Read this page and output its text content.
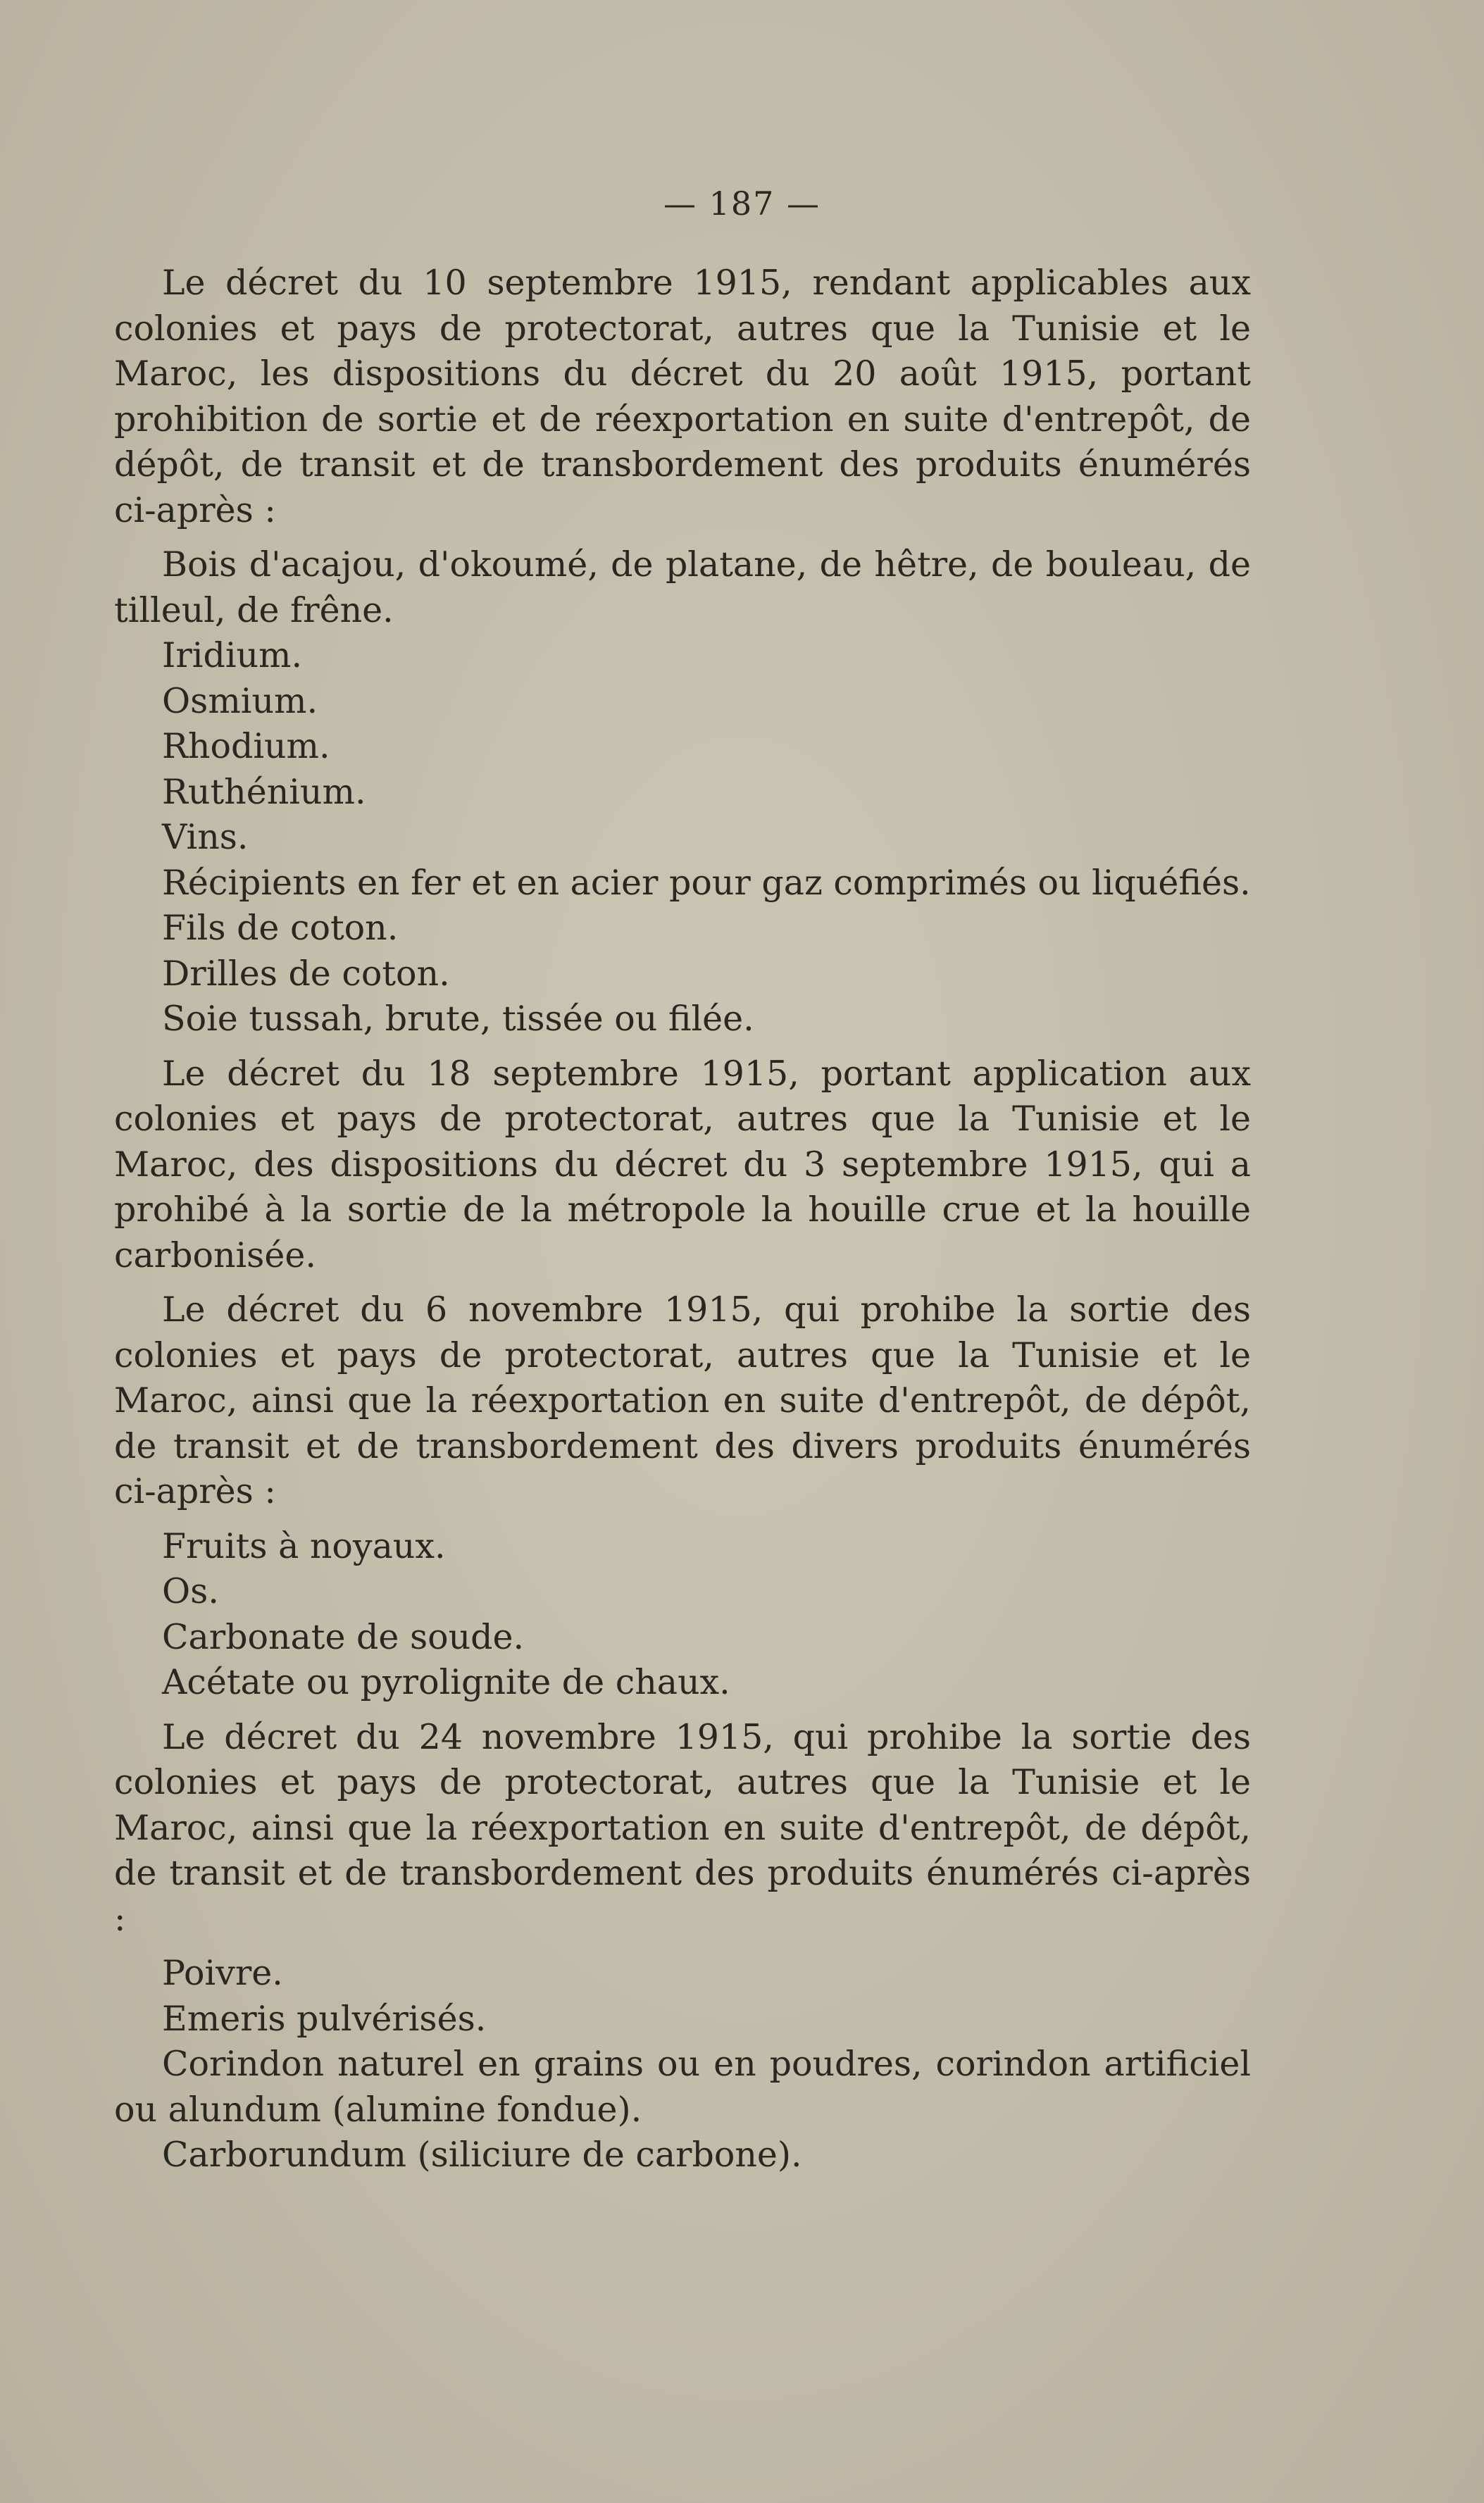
— 187 —

Le décret du 10 septembre 1915, rendant applicables aux colonies et pays de protectorat, autres que la Tunisie et le Maroc, les dispositions du décret du 20 août 1915, portant prohibition de sortie et de réexportation en suite d'entrepôt, de dépôt, de transit et de transbordement des produits énumérés ci-après :

Bois d'acajou, d'okoumé, de platane, de hêtre, de bouleau, de tilleul, de frêne.

Iridium.

Osmium.

Rhodium.

Ruthénium.

Vins.

Récipients en fer et en acier pour gaz comprimés ou liquéfiés.

Fils de coton.

Drilles de coton.

Soie tussah, brute, tissée ou filée.

Le décret du 18 septembre 1915, portant application aux colonies et pays de protectorat, autres que la Tunisie et le Maroc, des dispositions du décret du 3 septembre 1915, qui a prohibé à la sortie de la métropole la houille crue et la houille carbonisée.

Le décret du 6 novembre 1915, qui prohibe la sortie des colonies et pays de protectorat, autres que la Tunisie et le Maroc, ainsi que la réexportation en suite d'entrepôt, de dépôt, de transit et de transbordement des divers produits énumérés ci-après :

Fruits à noyaux.

Os.

Carbonate de soude.

Acétate ou pyrolignite de chaux.

Le décret du 24 novembre 1915, qui prohibe la sortie des colonies et pays de protectorat, autres que la Tunisie et le Maroc, ainsi que la réexportation en suite d'entrepôt, de dépôt, de transit et de transbordement des produits énumérés ci-après :

Poivre.

Emeris pulvérisés.

Corindon naturel en grains ou en poudres, corindon artificiel ou alundum (alumine fondue).

Carborundum (siliciure de carbone).
